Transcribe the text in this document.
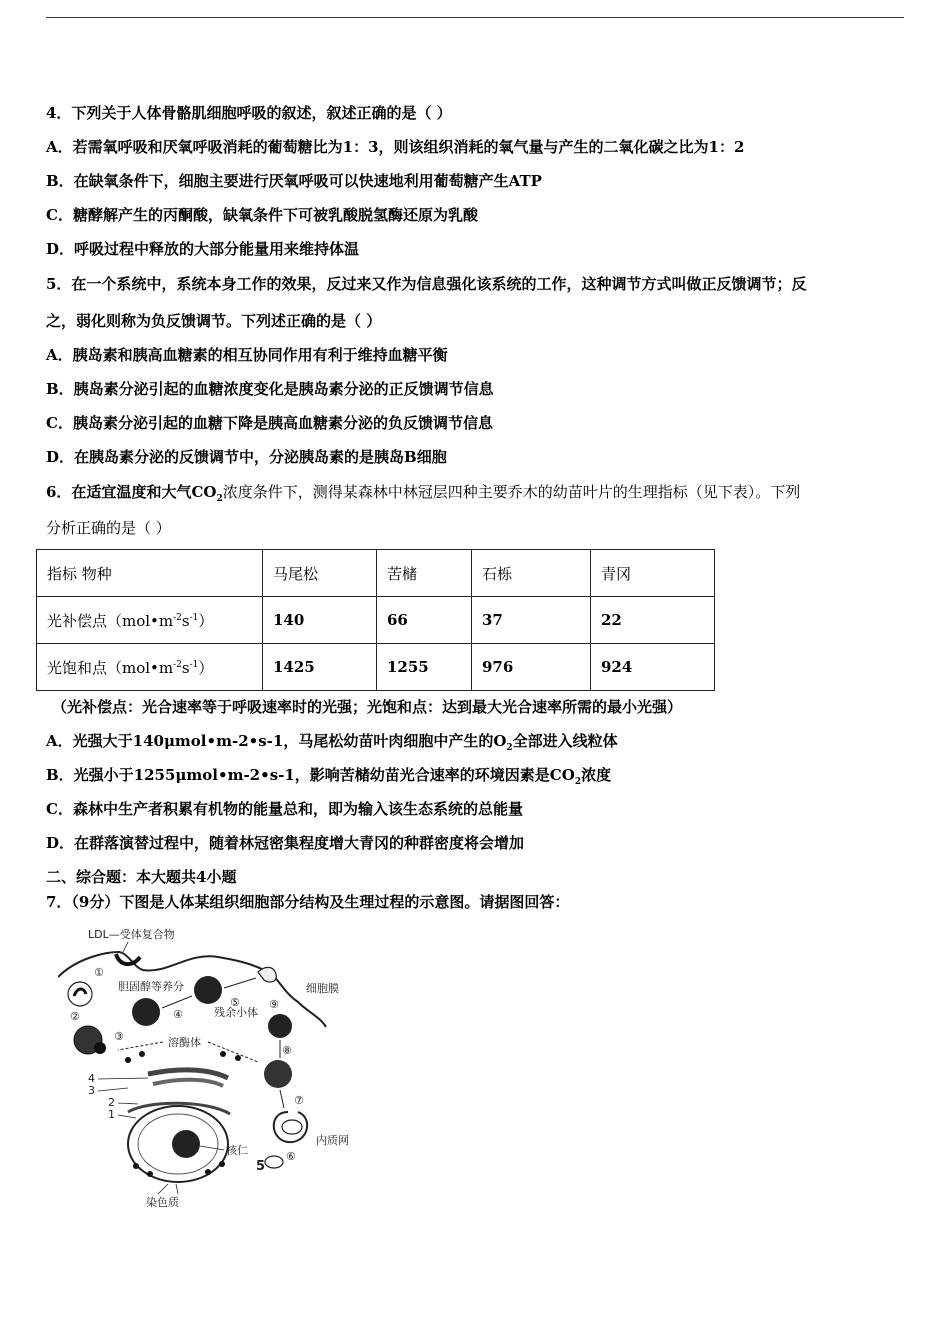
4．下列关于人体骨骼肌细胞呼吸的叙述，叙述正确的是（ ）
A．若需氧呼吸和厌氧呼吸消耗的葡萄糖比为1：3，则该组织消耗的氧气量与产生的二氧化碳之比为1：2
B．在缺氧条件下，细胞主要进行厌氧呼吸可以快速地利用葡萄糖产生ATP
C．糖酵解产生的丙酮酸，缺氧条件下可被乳酸脱氢酶还原为乳酸
D．呼吸过程中释放的大部分能量用来维持体温
5．在一个系统中，系统本身工作的效果，反过来又作为信息强化该系统的工作，这种调节方式叫做正反馈调节；反
之，弱化则称为负反馈调节。下列述正确的是（ ）
A．胰岛素和胰高血糖素的相互协同作用有利于维持血糖平衡
B．胰岛素分泌引起的血糖浓度变化是胰岛素分泌的正反馈调节信息
C．胰岛素分泌引起的血糖下降是胰高血糖素分泌的负反馈调节信息
D．在胰岛素分泌的反馈调节中，分泌胰岛素的是胰岛B细胞
6．在适宜温度和大气$CO_2$浓度条件下，测得某森林中林冠层四种主要乔木的幼苗叶片的生理指标（见下表）。下列
分析正确的是（ ）
指标 物种	马尾松	苦槠	石栎	青冈
光补偿点$(mol•m^{-2}s^{-1})$	140	66	37	22
光饱和点$(mol•m^{-2}s^{-1})$	1425	1255	976	924
（光补偿点：光合速率等于呼吸速率时的光强；光饱和点：达到最大光合速率所需的最小光强）
A．光强大于140μmol•m-2•s-1，马尾松幼苗叶肉细胞中产生的$O_2$全部进入线粒体
B．光强小于1255μmol•m-2•s-1，影响苦槠幼苗光合速率的环境因素是$CO_2$浓度
C．森林中生产者积累有机物的能量总和，即为输入该生态系统的总能量
D．在群落演替过程中，随着林冠密集程度增大青冈的种群密度将会增加
二、综合题：本大题共4小题
7．（9分）下图是人体某组织细胞部分结构及生理过程的示意图。请据图回答：
LDL—受体复合物
细胞膜
①
②
③
胆固醇等养分
④
⑤
残余小体
⑨
⑧
溶酶体
4
3
2
1
核仁
染色质
⑦
内质网
⑥
5
